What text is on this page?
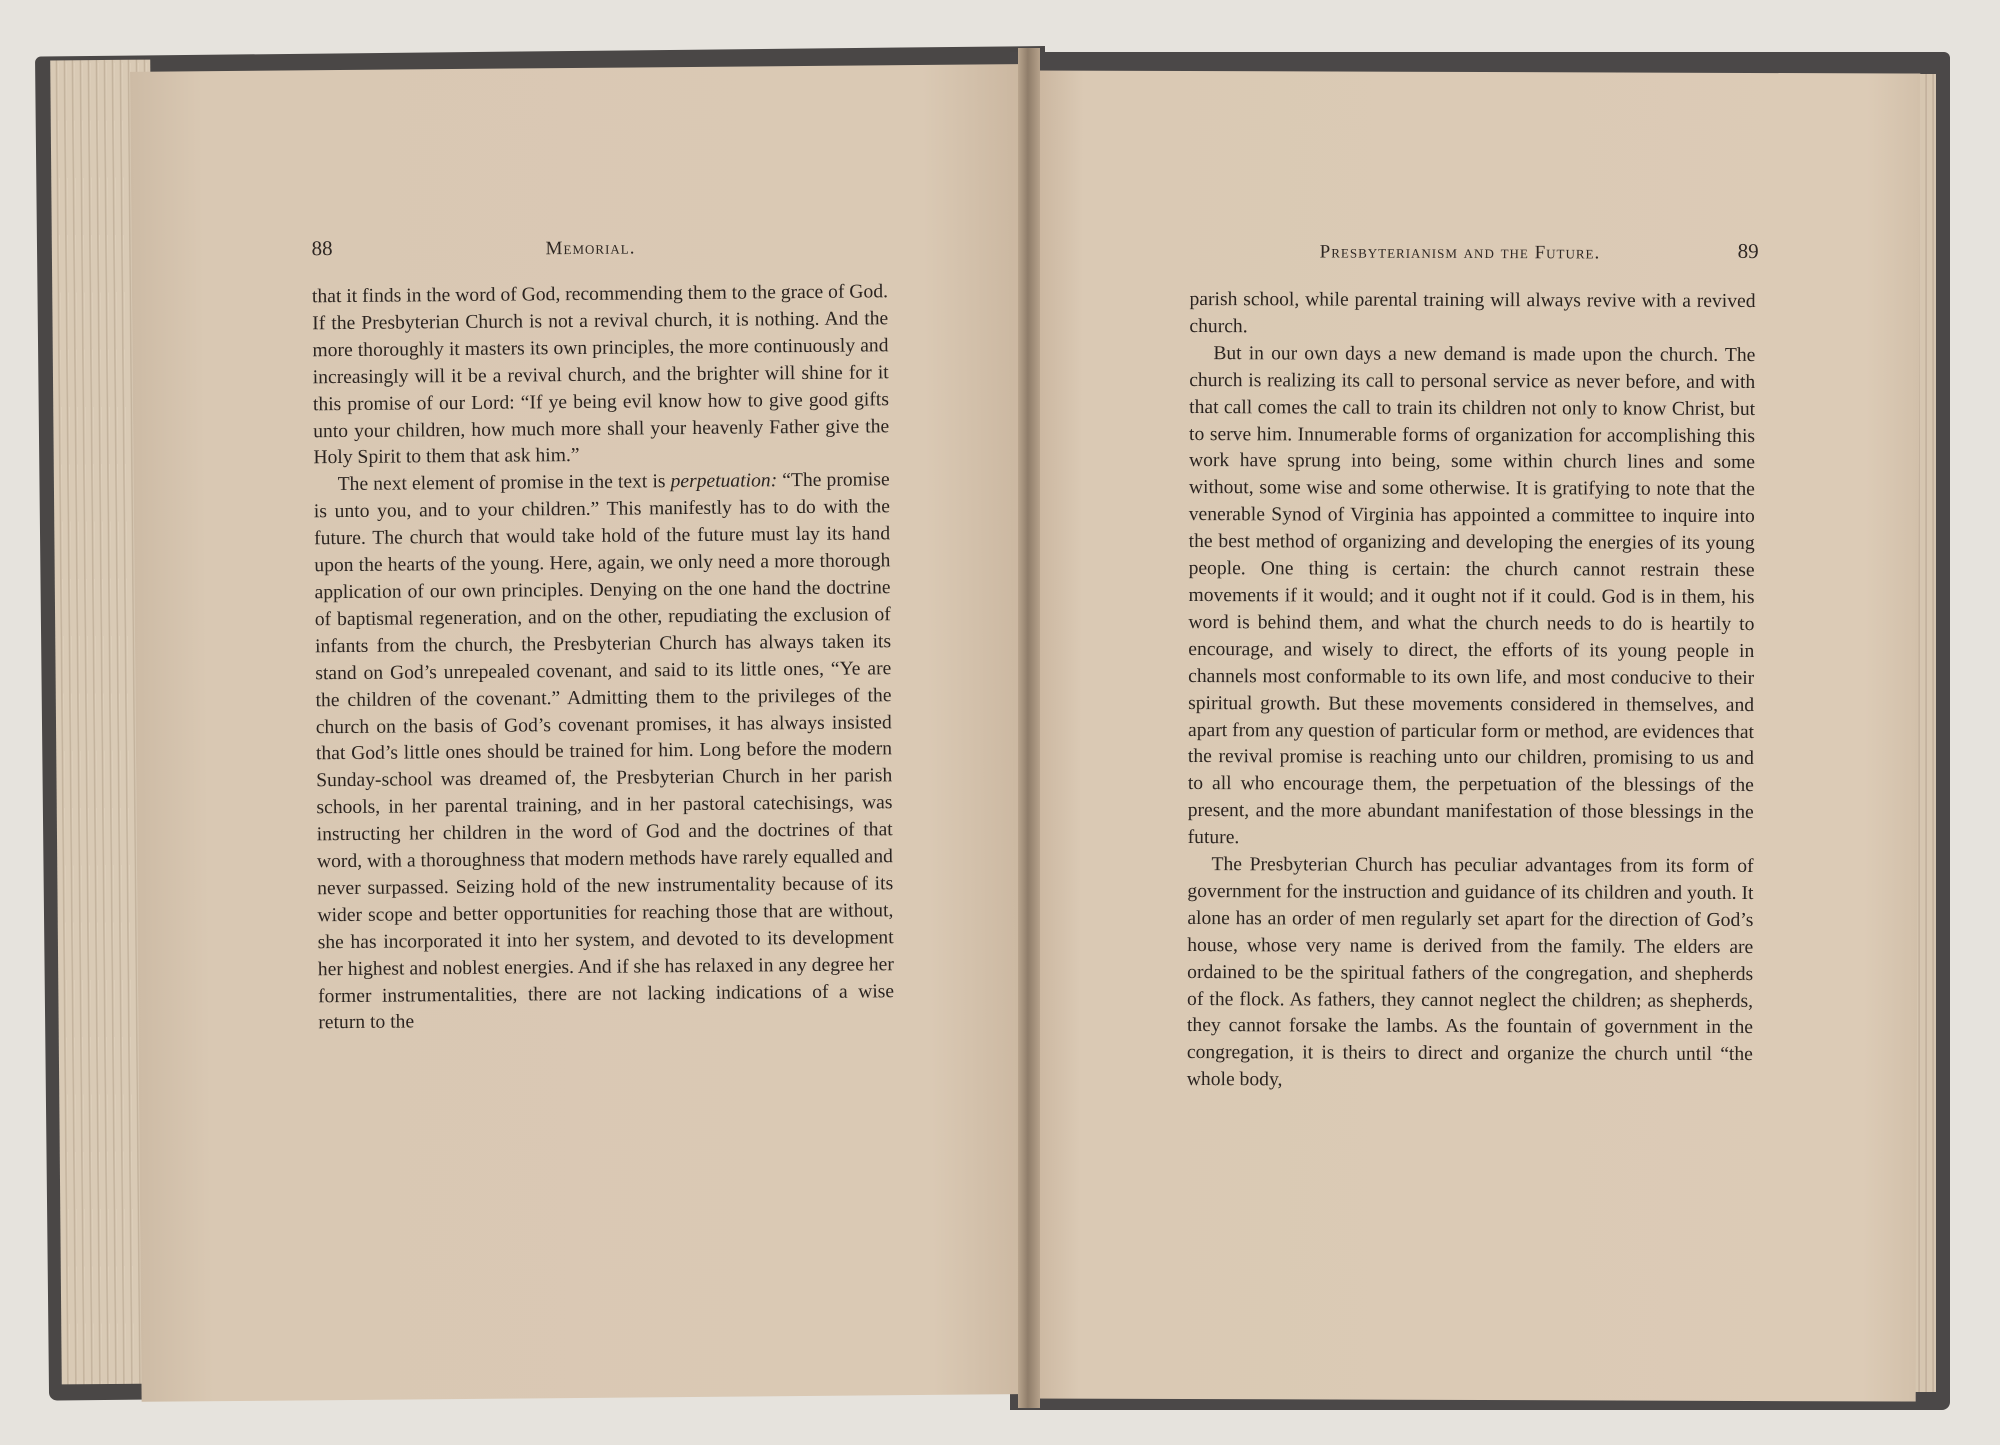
88	Memorial.

that it finds in the word of God, recommending them to the grace of God. If the Presbyterian Church is not a revival church, it is nothing. And the more thoroughly it masters its own principles, the more continuously and increasingly will it be a revival church, and the brighter will shine for it this promise of our Lord: “If ye being evil know how to give good gifts unto your children, how much more shall your heavenly Father give the Holy Spirit to them that ask him.”

The next element of promise in the text is perpetuation: “The promise is unto you, and to your children.” This manifestly has to do with the future. The church that would take hold of the future must lay its hand upon the hearts of the young. Here, again, we only need a more thorough application of our own principles. Denying on the one hand the doctrine of baptismal regeneration, and on the other, repudiating the exclusion of infants from the church, the Presbyterian Church has always taken its stand on God’s unrepealed covenant, and said to its little ones, “Ye are the children of the covenant.” Admitting them to the privileges of the church on the basis of God’s covenant promises, it has always insisted that God’s little ones should be trained for him. Long before the modern Sunday-school was dreamed of, the Presbyterian Church in her parish schools, in her parental training, and in her pastoral catechisings, was instructing her children in the word of God and the doctrines of that word, with a thoroughness that modern methods have rarely equalled and never surpassed. Seizing hold of the new instrumentality because of its wider scope and better opportunities for reaching those that are without, she has incorporated it into her system, and devoted to its development her highest and noblest energies. And if she has relaxed in any degree her former instrumentalities, there are not lacking indications of a wise return to the

Presbyterianism and the Future.	89

parish school, while parental training will always revive with a revived church.

But in our own days a new demand is made upon the church. The church is realizing its call to personal service as never before, and with that call comes the call to train its children not only to know Christ, but to serve him. Innumerable forms of organization for accomplishing this work have sprung into being, some within church lines and some without, some wise and some otherwise. It is gratifying to note that the venerable Synod of Virginia has appointed a committee to inquire into the best method of organizing and developing the energies of its young people. One thing is certain: the church cannot restrain these movements if it would; and it ought not if it could. God is in them, his word is behind them, and what the church needs to do is heartily to encourage, and wisely to direct, the efforts of its young people in channels most conformable to its own life, and most conducive to their spiritual growth. But these movements considered in themselves, and apart from any question of particular form or method, are evidences that the revival promise is reaching unto our children, promising to us and to all who encourage them, the perpetuation of the blessings of the present, and the more abundant manifestation of those blessings in the future.

The Presbyterian Church has peculiar advantages from its form of government for the instruction and guidance of its children and youth. It alone has an order of men regularly set apart for the direction of God’s house, whose very name is derived from the family. The elders are ordained to be the spiritual fathers of the congregation, and shepherds of the flock. As fathers, they cannot neglect the children; as shepherds, they cannot forsake the lambs. As the fountain of government in the congregation, it is theirs to direct and organize the church until “the whole body,
